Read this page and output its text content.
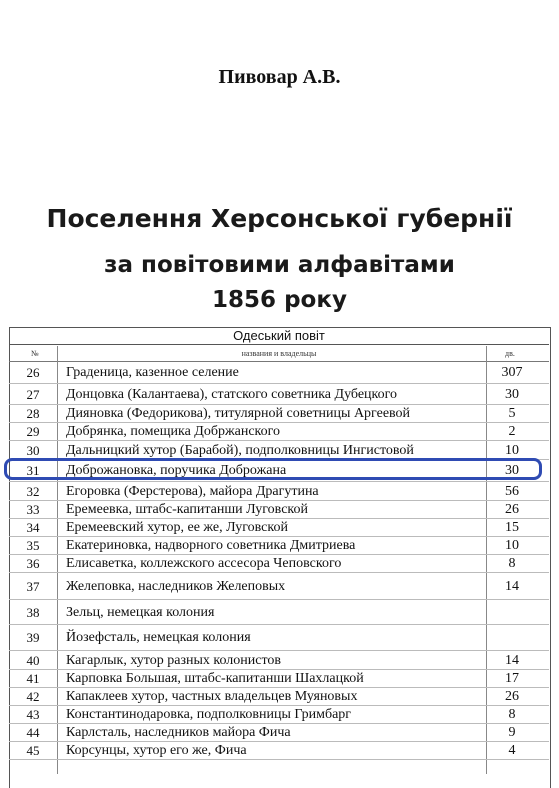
Пивовар А.В.
Поселення Херсонської губернії
за повітовими алфавітами
1856 року
Одеський повіт
№	названия и владельцы	дв.
26	Граденица, казенное селение	307
27	Донцовка (Калантаева), статского советника Дубецкого	30
28	Дияновка (Федорикова), титулярной советницы Аргеевой	5
29	Добрянка, помещика Добржанского	2
30	Дальницкий хутор (Барабой), подполковницы Ингистовой	10
31	Доброжановка, поручика Доброжана	30
32	Егоровка (Ферстерова), майора Драгутина	56
33	Еремеевка, штабс-капитанши Луговской	26
34	Еремеевский хутор, ее же, Луговской	15
35	Екатериновка, надворного советника Дмитриева	10
36	Елисаветка, коллежского ассесора Чеповского	8
37	Желеповка, наследников Желеповых	14
38	Зельц, немецкая колония
39	Йозефсталь, немецкая колония
40	Кагарлык, хутор разных колонистов	14
41	Карповка Большая, штабс-капитанши Шахлацкой	17
42	Капаклеев хутор, частных владельцев Муяновых	26
43	Константинодаровка, подполковницы Гримбарг	8
44	Карлсталь, наследников майора Фича	9
45	Корсунцы, хутор его же, Фича	4
